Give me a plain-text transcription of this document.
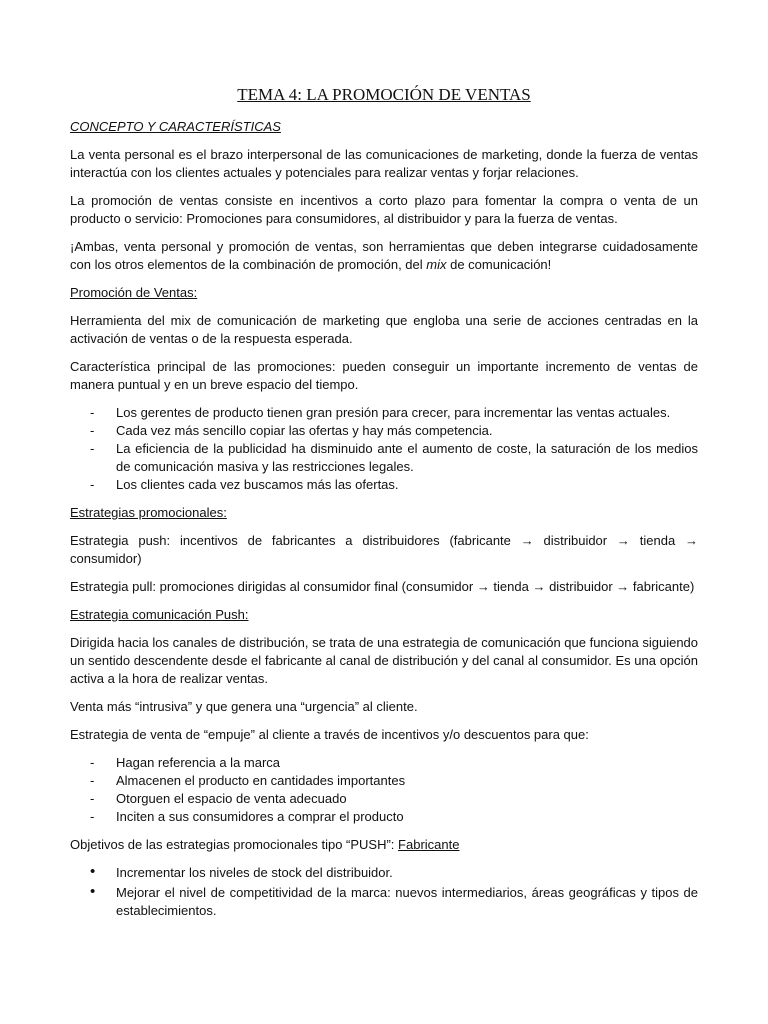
TEMA 4: LA PROMOCIÓN DE VENTAS
CONCEPTO Y CARACTERÍSTICAS

La venta personal es el brazo interpersonal de las comunicaciones de marketing, donde la fuerza de ventas interactúa con los clientes actuales y potenciales para realizar ventas y forjar relaciones.

La promoción de ventas consiste en incentivos a corto plazo para fomentar la compra o venta de un producto o servicio: Promociones para consumidores, al distribuidor y para la fuerza de ventas.

¡Ambas, venta personal y promoción de ventas, son herramientas que deben integrarse cuidadosamente con los otros elementos de la combinación de promoción, del mix de comunicación!

Promoción de Ventas:

Herramienta del mix de comunicación de marketing que engloba una serie de acciones centradas en la activación de ventas o de la respuesta esperada.

Característica principal de las promociones: pueden conseguir un importante incremento de ventas de manera puntual y en un breve espacio del tiempo.

- Los gerentes de producto tienen gran presión para crecer, para incrementar las ventas actuales.
- Cada vez más sencillo copiar las ofertas y hay más competencia.
- La eficiencia de la publicidad ha disminuido ante el aumento de coste, la saturación de los medios de comunicación masiva y las restricciones legales.
- Los clientes cada vez buscamos más las ofertas.

Estrategias promocionales:

Estrategia push: incentivos de fabricantes a distribuidores (fabricante → distribuidor → tienda → consumidor)

Estrategia pull: promociones dirigidas al consumidor final (consumidor → tienda → distribuidor → fabricante)

Estrategia comunicación Push:

Dirigida hacia los canales de distribución, se trata de una estrategia de comunicación que funciona siguiendo un sentido descendente desde el fabricante al canal de distribución y del canal al consumidor. Es una opción activa a la hora de realizar ventas.

Venta más “intrusiva” y que genera una “urgencia” al cliente.

Estrategia de venta de “empuje” al cliente a través de incentivos y/o descuentos para que:

- Hagan referencia a la marca
- Almacenen el producto en cantidades importantes
- Otorguen el espacio de venta adecuado
- Inciten a sus consumidores a comprar el producto

Objetivos de las estrategias promocionales tipo “PUSH”: Fabricante

• Incrementar los niveles de stock del distribuidor.
• Mejorar el nivel de competitividad de la marca: nuevos intermediarios, áreas geográficas y tipos de establecimientos.
